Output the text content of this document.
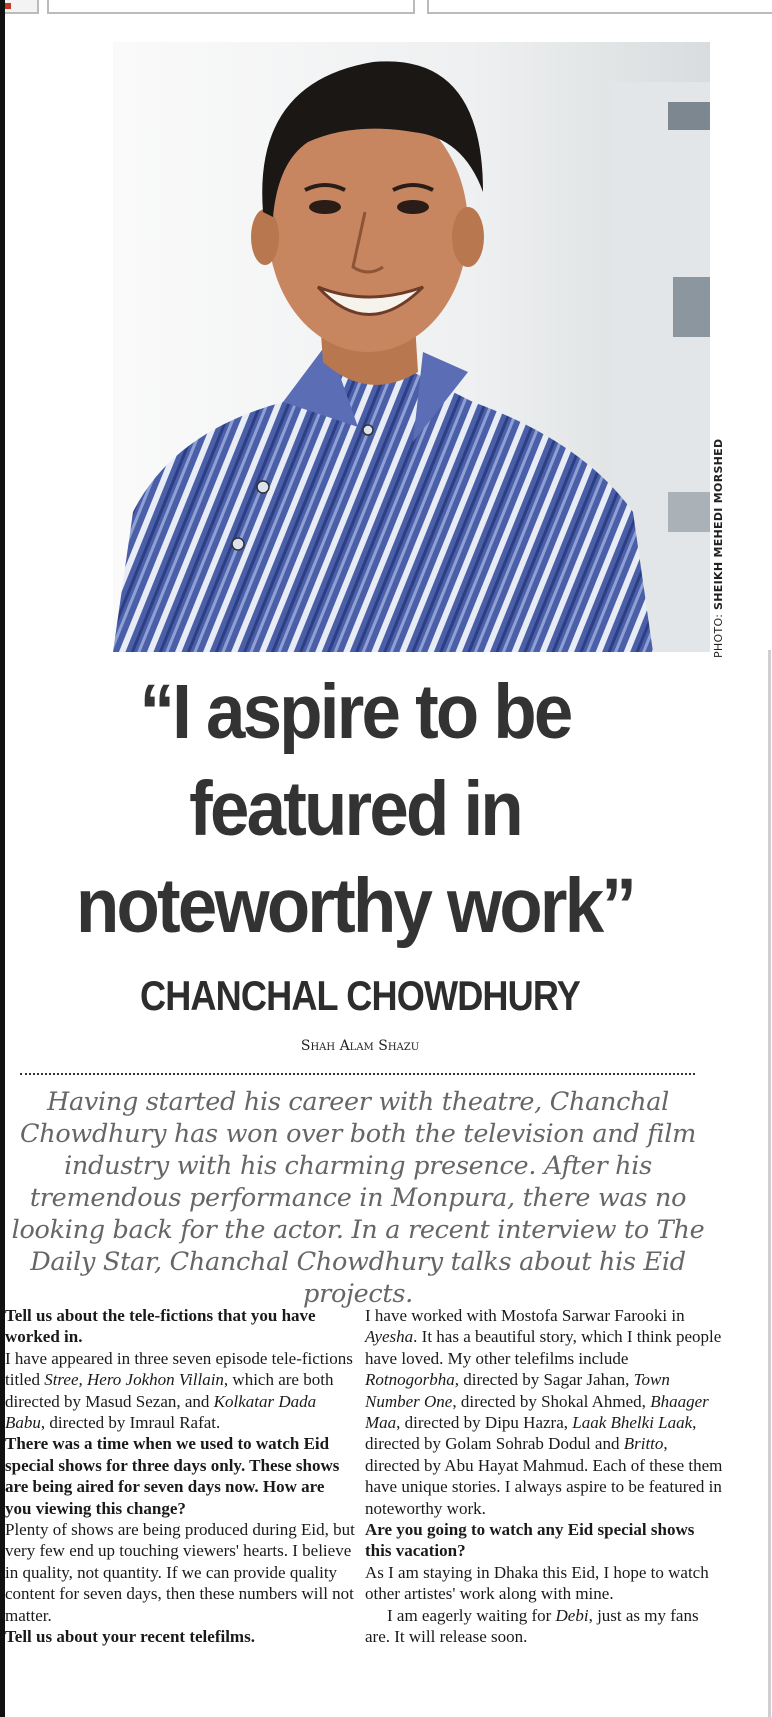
PHOTO: SHEIKH MEHEDI MORSHED
“I aspire to be
featured in
noteworthy work”
CHANCHAL CHOWDHURY
Shah Alam Shazu

Having started his career with theatre, Chanchal Chowdhury has won over both the television and film industry with his charming presence. After his tremendous performance in Monpura, there was no looking back for the actor. In a recent interview to The Daily Star, Chanchal Chowdhury talks about his Eid projects.

Tell us about the tele-fictions that you have worked in.

I have appeared in three seven episode tele-fictions titled Stree, Hero Jokhon Villain, which are both directed by Masud Sezan, and Kolkatar Dada Babu, directed by Imraul Rafat.

There was a time when we used to watch Eid special shows for three days only. These shows are being aired for seven days now. How are you viewing this change?

Plenty of shows are being produced during Eid, but very few end up touching viewers' hearts. I believe in quality, not quantity. If we can provide quality content for seven days, then these numbers will not matter.

Tell us about your recent telefilms.

I have worked with Mostofa Sarwar Farooki in Ayesha. It has a beautiful story, which I think people have loved. My other telefilms include Rotnogorbha, directed by Sagar Jahan, Town Number One, directed by Shokal Ahmed, Bhaager Maa, directed by Dipu Hazra, Laak Bhelki Laak, directed by Golam Sohrab Dodul and Britto, directed by Abu Hayat Mahmud. Each of these them have unique stories. I always aspire to be featured in noteworthy work.

Are you going to watch any Eid special shows this vacation?

As I am staying in Dhaka this Eid, I hope to watch other artistes' work along with mine.

I am eagerly waiting for Debi, just as my fans are. It will release soon.
